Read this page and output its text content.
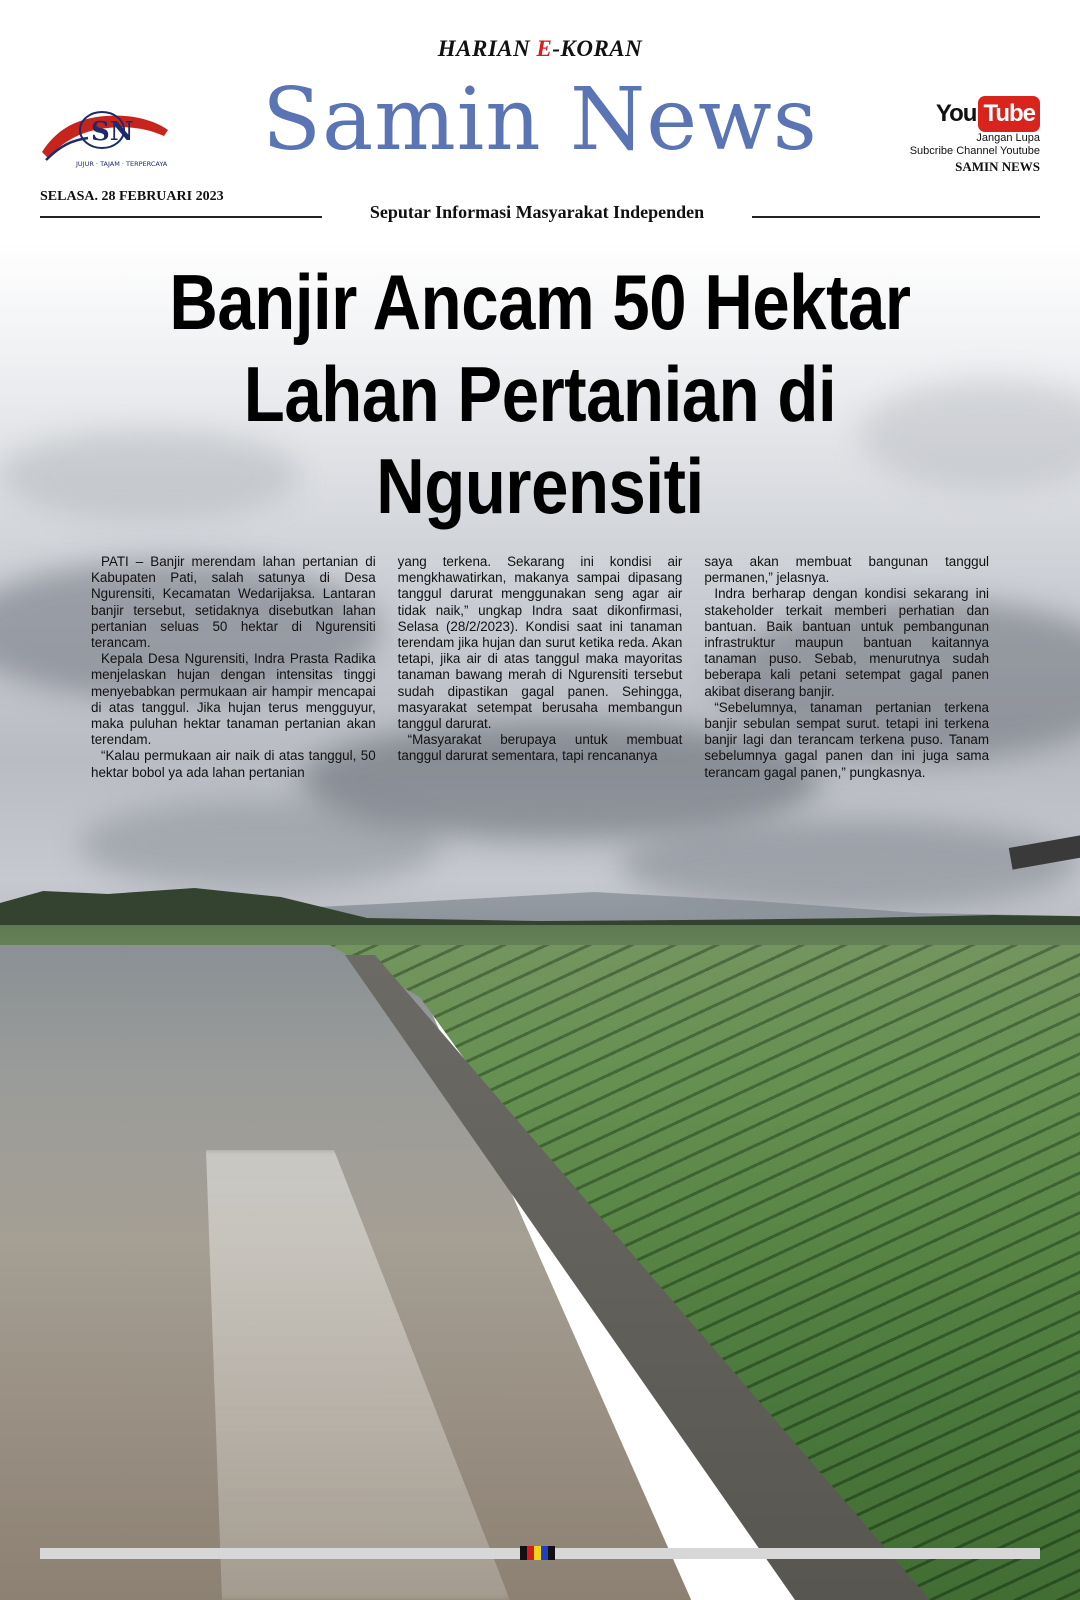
HARIAN E-KORAN
SN
JUJUR · TAJAM · TERPERCAYA	Samin News	You Tube
Jangan Lupa
Subcribe Channel Youtube
SAMIN NEWS
SELASA. 28 FEBRUARI 2023
Seputar Informasi Masyarakat Independen
Banjir Ancam 50 Hektar
Lahan Pertanian di
Ngurensiti

PATI – Banjir merendam lahan pertanian di Kabupaten Pati, salah satunya di Desa Ngurensiti, Kecamatan Wedarijaksa. Lantaran banjir tersebut, setidaknya disebutkan lahan pertanian seluas 50 hektar di Ngurensiti terancam.

Kepala Desa Ngurensiti, Indra Prasta Radika menjelaskan hujan dengan intensitas tinggi menyebabkan permukaan air hampir mencapai di atas tanggul. Jika hujan terus mengguyur, maka puluhan hektar tanaman pertanian akan terendam.

“Kalau permukaan air naik di atas tanggul, 50 hektar bobol ya ada lahan pertanian

yang terkena. Sekarang ini kondisi air mengkhawatirkan, makanya sampai dipasang tanggul darurat menggunakan seng agar air tidak naik,” ungkap Indra saat dikonfirmasi, Selasa (28/2/2023). Kondisi saat ini tanaman terendam jika hujan dan surut ketika reda. Akan tetapi, jika air di atas tanggul maka mayoritas tanaman bawang merah di Ngurensiti tersebut sudah dipastikan gagal panen. Sehingga, masyarakat setempat berusaha membangun tanggul darurat.

“Masyarakat berupaya untuk membuat tanggul darurat sementara, tapi rencananya

saya akan membuat bangunan tanggul permanen,” jelasnya.

Indra berharap dengan kondisi sekarang ini stakeholder terkait memberi perhatian dan bantuan. Baik bantuan untuk pembangunan infrastruktur maupun bantuan kaitannya tanaman puso. Sebab, menurutnya sudah beberapa kali petani setempat gagal panen akibat diserang banjir.

“Sebelumnya, tanaman pertanian terkena banjir sebulan sempat surut. tetapi ini terkena banjir lagi dan terancam terkena puso. Tanam sebelumnya gagal panen dan ini juga sama terancam gagal panen,” pungkasnya.
